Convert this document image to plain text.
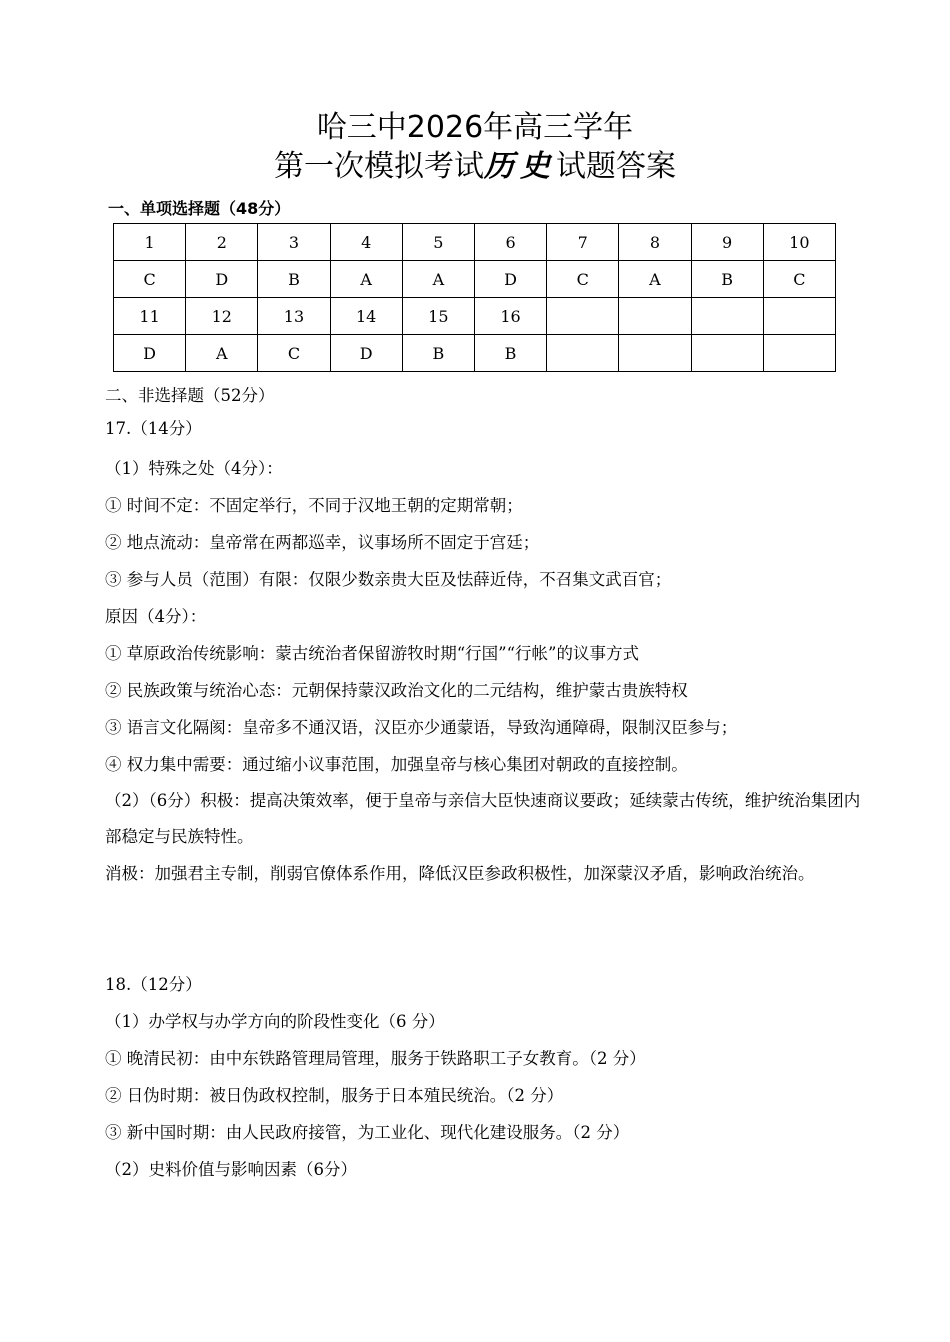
哈三中2026年高三学年
第一次模拟考试历史试题答案
一、单项选择题（48分）
1	2	3	4	5	6	7	8	9	10
C	D	B	A	A	D	C	A	B	C
11	12	13	14	15	16				
D	A	C	D	B	B				
二、非选择题（52分）
17.（14分）
（1）特殊之处（4分）：
① 时间不定：不固定举行，不同于汉地王朝的定期常朝；
② 地点流动：皇帝常在两都巡幸，议事场所不固定于宫廷；
③ 参与人员（范围）有限：仅限少数亲贵大臣及怯薛近侍，不召集文武百官；
原因（4分）：
① 草原政治传统影响：蒙古统治者保留游牧时期“行国”“行帐”的议事方式
② 民族政策与统治心态：元朝保持蒙汉政治文化的二元结构，维护蒙古贵族特权
③ 语言文化隔阂：皇帝多不通汉语，汉臣亦少通蒙语，导致沟通障碍，限制汉臣参与；
④ 权力集中需要：通过缩小议事范围，加强皇帝与核心集团对朝政的直接控制。
（2）（6分）积极：提高决策效率，便于皇帝与亲信大臣快速商议要政；延续蒙古传统，维护统治集团内部稳定与民族特性。
消极：加强君主专制，削弱官僚体系作用，降低汉臣参政积极性，加深蒙汉矛盾，影响政治统治。
18.（12分）
（1）办学权与办学方向的阶段性变化（6 分）
① 晚清民初：由中东铁路管理局管理，服务于铁路职工子女教育。（2 分）
② 日伪时期：被日伪政权控制，服务于日本殖民统治。（2 分）
③ 新中国时期：由人民政府接管，为工业化、现代化建设服务。（2 分）
（2）史料价值与影响因素（6分）
